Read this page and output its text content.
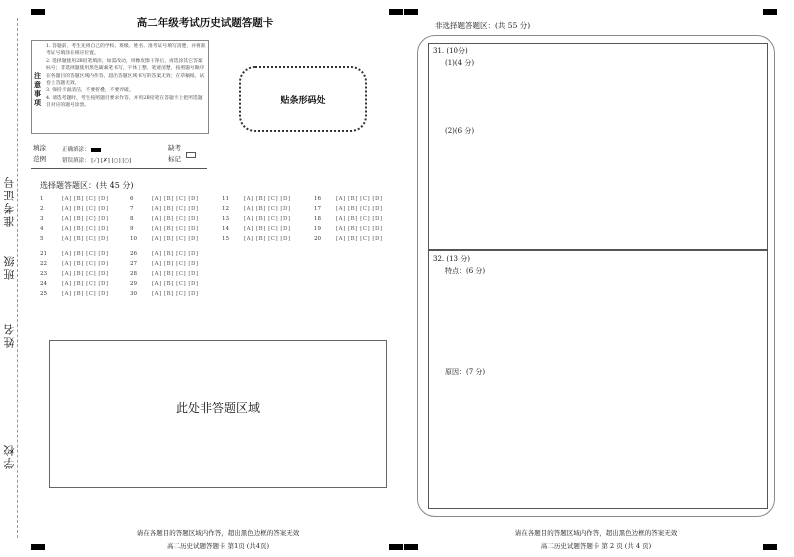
准考证号
班级
姓名
学校
高二年级考试历史试题答题卡
注意事项
1. 答题前，考生先将自己的学校、班级、姓名、准考证号填写清楚，并将准考证号填涂在相应位置。
2. 选择题使用2B铅笔填涂，如需改动，用橡皮擦干净后，再选涂其它答案标号；非选择题使用黑色碳素笔书写，字体工整、笔迹清楚，按照题号顺序在各题目的答题区域内作答，超出答题区域书写的答案无效；在草稿纸、试卷上答题无效。
3. 保持卡面清洁，不要折叠，不要弄破。
4. 请选考题时，考生按照题目要求作答，并用2B铅笔在答题卡上把所选题目对应的题号涂黑。
贴条形码处
填涂范例
正确填涂：
错误填涂： [✓] [✗] [○] [○]
缺考标记
选择题答题区：(共 45 分)
1	[A] [B] [C] [D]
2	[A] [B] [C] [D]
3	[A] [B] [C] [D]
4	[A] [B] [C] [D]
5	[A] [B] [C] [D]
6	[A] [B] [C] [D]
7	[A] [B] [C] [D]
8	[A] [B] [C] [D]
9	[A] [B] [C] [D]
10	[A] [B] [C] [D]
11	[A] [B] [C] [D]
12	[A] [B] [C] [D]
13	[A] [B] [C] [D]
14	[A] [B] [C] [D]
15	[A] [B] [C] [D]
16	[A] [B] [C] [D]
17	[A] [B] [C] [D]
18	[A] [B] [C] [D]
19	[A] [B] [C] [D]
20	[A] [B] [C] [D]
21	[A] [B] [C] [D]
22	[A] [B] [C] [D]
23	[A] [B] [C] [D]
24	[A] [B] [C] [D]
25	[A] [B] [C] [D]
26	[A] [B] [C] [D]
27	[A] [B] [C] [D]
28	[A] [B] [C] [D]
29	[A] [B] [C] [D]
30	[A] [B] [C] [D]
此处非答题区域
请在各题目的答题区域内作答，超出黑色边框的答案无效
高二历史试题答题卡 第1页 (共4页)
非选择题答题区：(共 55 分)
31. (10分)
(1)(4 分)
(2)(6 分)
32. (13 分)
特点：(6 分)
原因：(7 分)
请在各题目的答题区域内作答，超出黑色边框的答案无效
高二历史试题答题卡 第 2 页 (共 4 页)
